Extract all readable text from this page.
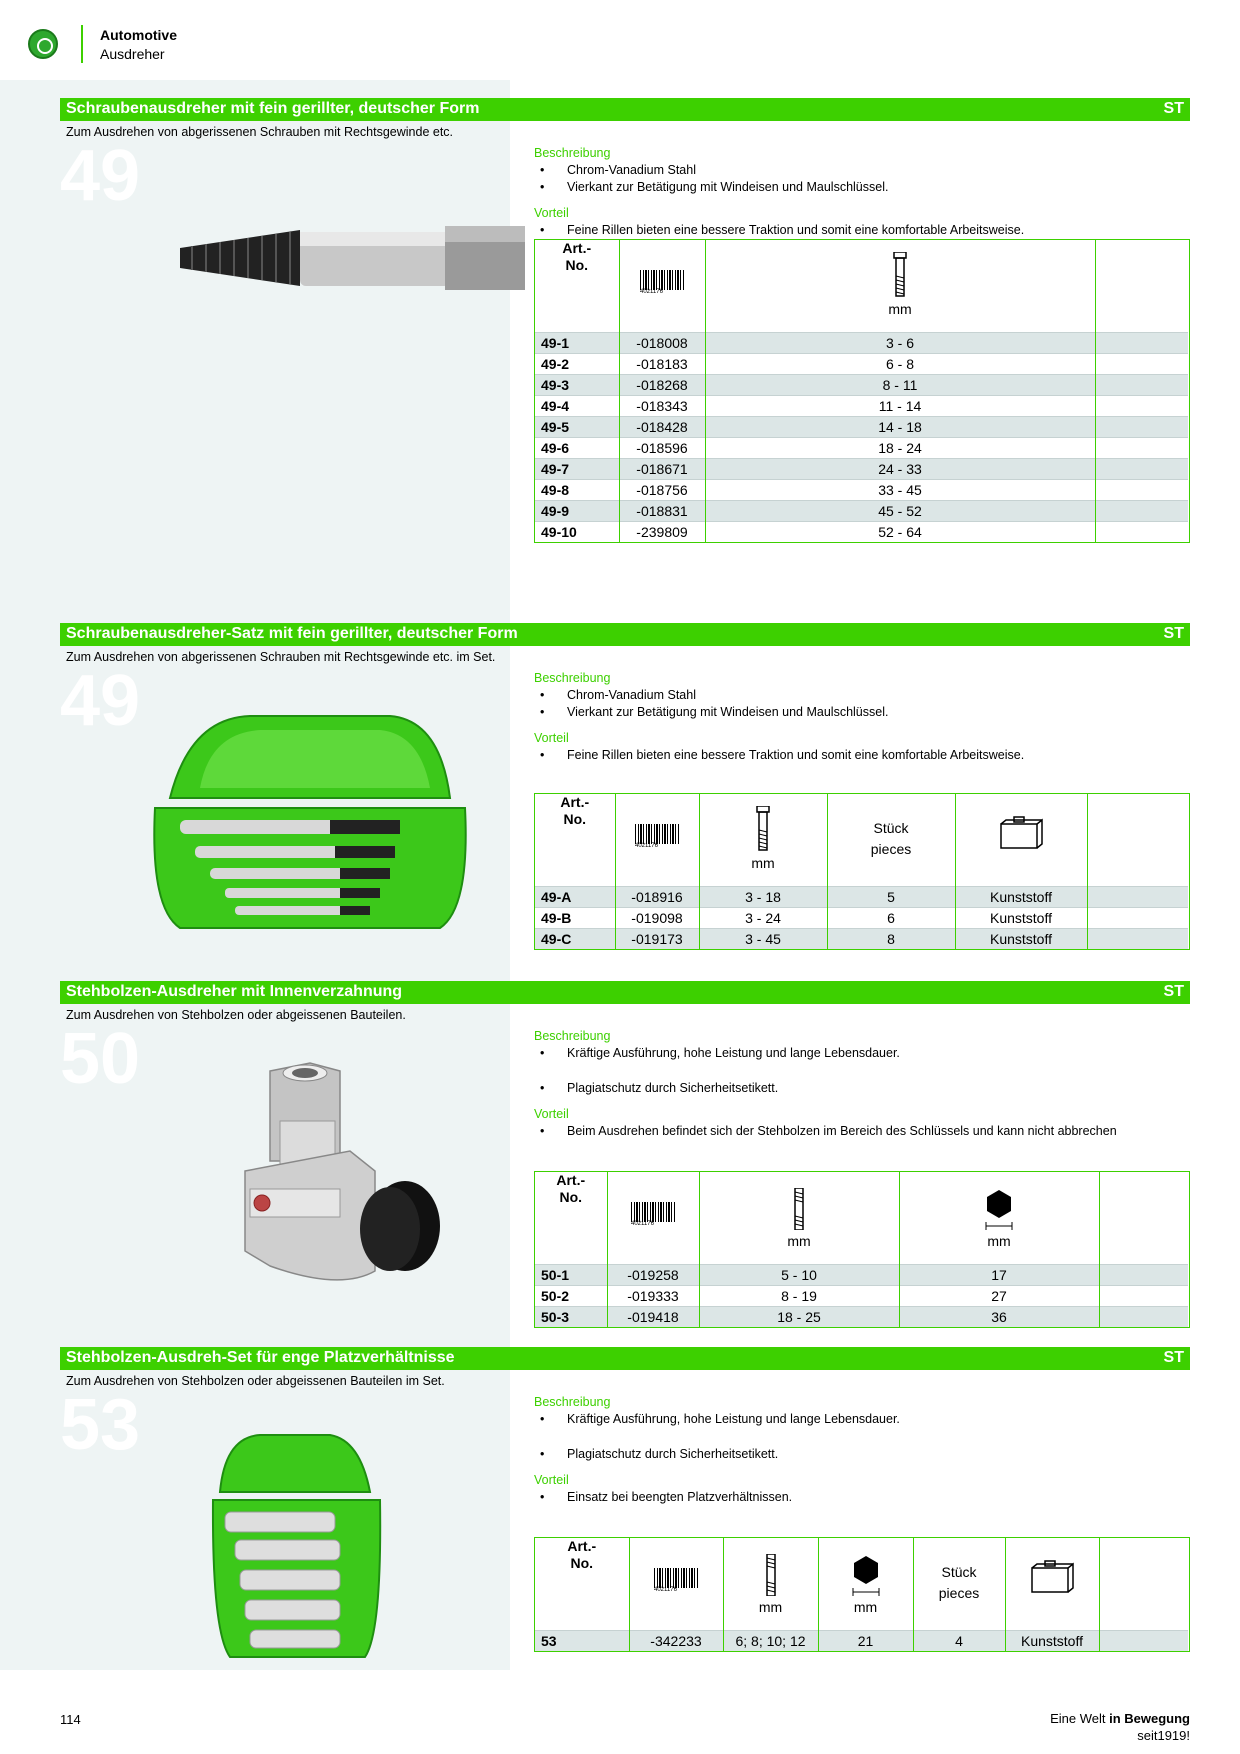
Automotive
Ausdreher
Schraubenausdreher mit fein gerillter, deutscher Form	ST
Zum Ausdrehen von abgerissenen Schrauben mit Rechtsgewinde etc.
49	Beschreibung
• Chrom-Vanadium Stahl
• Vierkant zur Betätigung mit Windeisen und Maulschlüssel.
Vorteil
• Feine Rillen bieten eine bessere Traktion und somit eine komfortable Arbeitsweise.
Art.-
No.	4021176	mm	

49-1	-018008	3 - 6	
49-2	-018183	6 - 8	
49-3	-018268	8 - 11	
49-4	-018343	11 - 14	
49-5	-018428	14 - 18	
49-6	-018596	18 - 24	
49-7	-018671	24 - 33	
49-8	-018756	33 - 45	
49-9	-018831	45 - 52	
49-10	-239809	52 - 64	
Schraubenausdreher-Satz mit fein gerillter, deutscher Form	ST
Zum Ausdrehen von abgerissenen Schrauben mit Rechtsgewinde etc. im Set.
49	Beschreibung
• Chrom-Vanadium Stahl
• Vierkant zur Betätigung mit Windeisen und Maulschlüssel.
Vorteil
• Feine Rillen bieten eine bessere Traktion und somit eine komfortable Arbeitsweise.
Art.-
No.	4021176	mm	Stück
pieces		
49-A	-018916	3 - 18	5	Kunststoff	
49-B	-019098	3 - 24	6	Kunststoff	
49-C	-019173	3 - 45	8	Kunststoff	
Stehbolzen-Ausdreher mit Innenverzahnung	ST
Zum Ausdrehen von Stehbolzen oder abgeissenen Bauteilen.
50	Beschreibung
• Kräftige Ausführung, hohe Leistung und lange Lebensdauer.
• Plagiatschutz durch Sicherheitsetikett.
Vorteil
• Beim Ausdrehen befindet sich der Stehbolzen im Bereich des Schlüssels und kann nicht abbrechen
Art.-
No.	4021176	mm	mm	

50-1	-019258	5 - 10	17	
50-2	-019333	8 - 19	27	
50-3	-019418	18 - 25	36	
Stehbolzen-Ausdreh-Set für enge Platzverhältnisse	ST
Zum Ausdrehen von Stehbolzen oder abgeissenen Bauteilen im Set.
53	Beschreibung
• Kräftige Ausführung, hohe Leistung und lange Lebensdauer.
• Plagiatschutz durch Sicherheitsetikett.
Vorteil
• Einsatz bei beengten Platzverhältnissen.
Art.-
No.	4021176	mm	mm	Stück
pieces		
53	-342233	6; 8; 10; 12	21	4	Kunststoff	
114	Eine Welt in Bewegung
seit1919!
